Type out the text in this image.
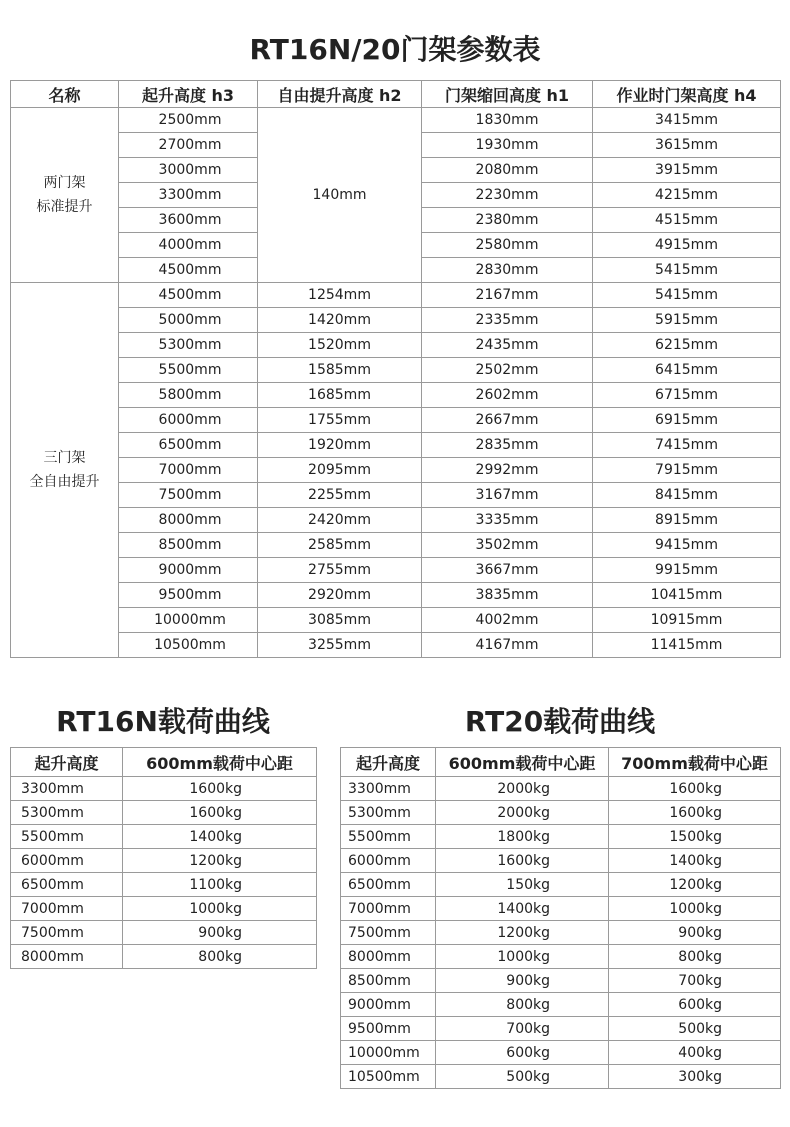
RT16N/20门架参数表
名称	起升高度 h3	自由提升高度 h2	门架缩回高度 h1	作业时门架高度 h4

两门架
标准提升	2500mm	140mm	1830mm	3415mm
	2700mm		1930mm	3615mm
	3000mm		2080mm	3915mm
	3300mm		2230mm	4215mm
	3600mm		2380mm	4515mm
	4000mm		2580mm	4915mm
	4500mm		2830mm	5415mm

三门架
全自由提升	4500mm	1254mm	2167mm	5415mm
	5000mm	1420mm	2335mm	5915mm
	5300mm	1520mm	2435mm	6215mm
	5500mm	1585mm	2502mm	6415mm
	5800mm	1685mm	2602mm	6715mm
	6000mm	1755mm	2667mm	6915mm
	6500mm	1920mm	2835mm	7415mm
	7000mm	2095mm	2992mm	7915mm
	7500mm	2255mm	3167mm	8415mm
	8000mm	2420mm	3335mm	8915mm
	8500mm	2585mm	3502mm	9415mm
	9000mm	2755mm	3667mm	9915mm
	9500mm	2920mm	3835mm	10415mm
	10000mm	3085mm	4002mm	10915mm
	10500mm	3255mm	4167mm	11415mm
RT16N载荷曲线
起升高度	600mm载荷中心距
3300mm	1600kg
5300mm	1600kg
5500mm	1400kg
6000mm	1200kg
6500mm	1100kg
7000mm	1000kg
7500mm	900kg
8000mm	800kg
RT20载荷曲线
起升高度	600mm载荷中心距	700mm载荷中心距
3300mm	2000kg	1600kg
5300mm	2000kg	1600kg
5500mm	1800kg	1500kg
6000mm	1600kg	1400kg
6500mm	150kg	1200kg
7000mm	1400kg	1000kg
7500mm	1200kg	900kg
8000mm	1000kg	800kg
8500mm	900kg	700kg
9000mm	800kg	600kg
9500mm	700kg	500kg
10000mm	600kg	400kg
10500mm	500kg	300kg
